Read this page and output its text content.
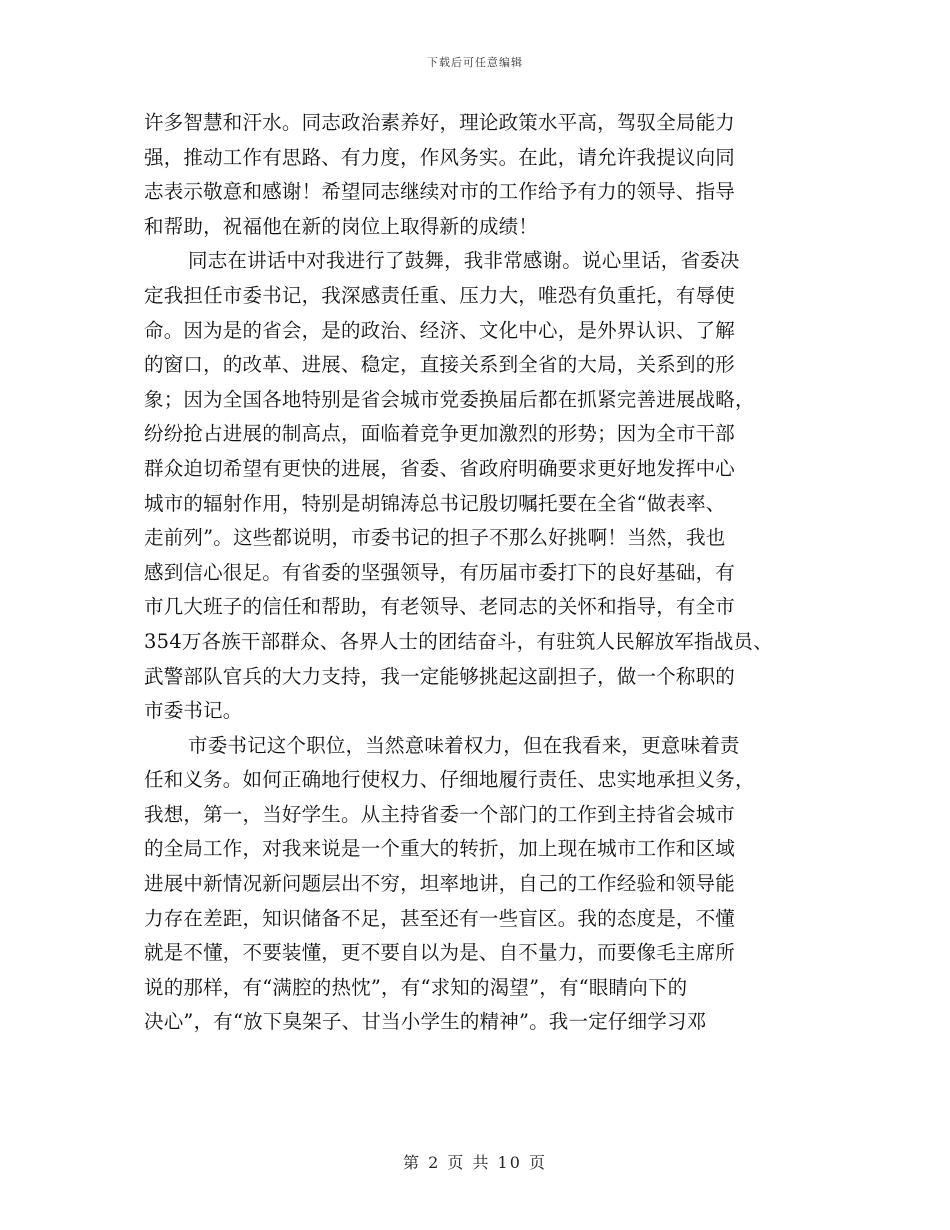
下载后可任意编辑
许多智慧和汗水。同志政治素养好，理论政策水平高，驾驭全局能力
强，推动工作有思路、有力度，作风务实。在此，请允许我提议向同
志表示敬意和感谢！希望同志继续对市的工作给予有力的领导、指导
和帮助，祝福他在新的岗位上取得新的成绩！
同志在讲话中对我进行了鼓舞，我非常感谢。说心里话，省委决
定我担任市委书记，我深感责任重、压力大，唯恐有负重托，有辱使
命。因为是的省会，是的政治、经济、文化中心，是外界认识、了解
的窗口，的改革、进展、稳定，直接关系到全省的大局，关系到的形
象；因为全国各地特别是省会城市党委换届后都在抓紧完善进展战略，
纷纷抢占进展的制高点，面临着竞争更加激烈的形势；因为全市干部
群众迫切希望有更快的进展，省委、省政府明确要求更好地发挥中心
城市的辐射作用，特别是胡锦涛总书记殷切嘱托要在全省“做表率、
走前列”。这些都说明，市委书记的担子不那么好挑啊！当然，我也
感到信心很足。有省委的坚强领导，有历届市委打下的良好基础，有
市几大班子的信任和帮助，有老领导、老同志的关怀和指导，有全市
354万各族干部群众、各界人士的团结奋斗，有驻筑人民解放军指战员、
武警部队官兵的大力支持，我一定能够挑起这副担子，做一个称职的
市委书记。
市委书记这个职位，当然意味着权力，但在我看来，更意味着责
任和义务。如何正确地行使权力、仔细地履行责任、忠实地承担义务，
我想，第一，当好学生。从主持省委一个部门的工作到主持省会城市
的全局工作，对我来说是一个重大的转折，加上现在城市工作和区域
进展中新情况新问题层出不穷，坦率地讲，自己的工作经验和领导能
力存在差距，知识储备不足，甚至还有一些盲区。我的态度是，不懂
就是不懂，不要装懂，更不要自以为是、自不量力，而要像毛主席所
说的那样，有“满腔的热忱”，有“求知的渴望”，有“眼睛向下的
决心”，有“放下臭架子、甘当小学生的精神”。我一定仔细学习邓
第 2 页 共 10 页
